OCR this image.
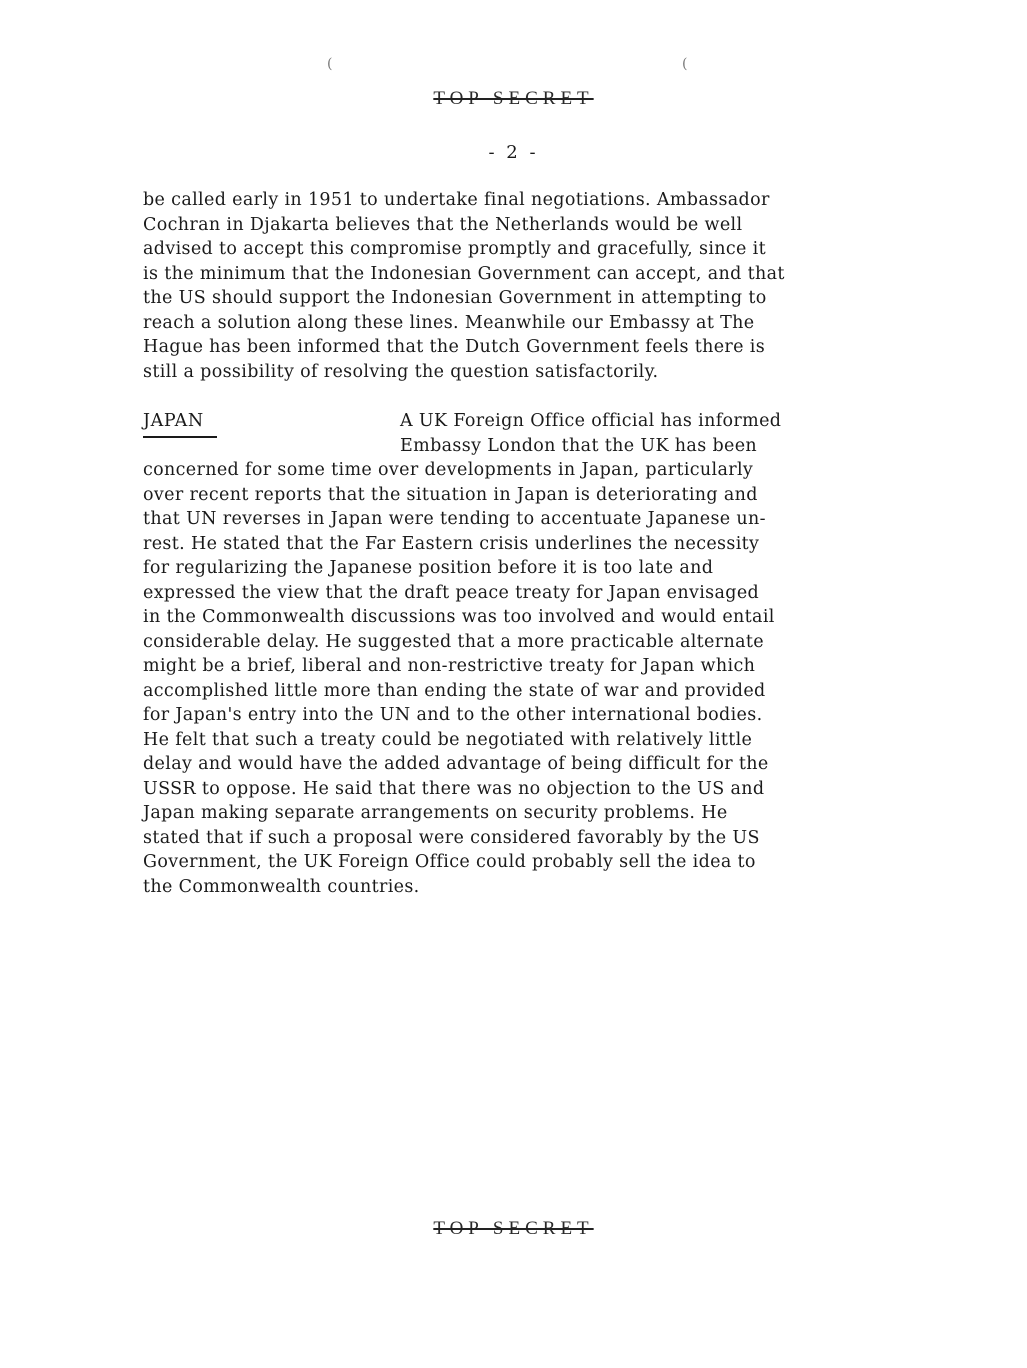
(	(
TOP SECRET
- 2 -
be called early in 1951 to undertake final negotiations. Ambassador
Cochran in Djakarta believes that the Netherlands would be well
advised to accept this compromise promptly and gracefully, since it
is the minimum that the Indonesian Government can accept, and that
the US should support the Indonesian Government in attempting to
reach a solution along these lines. Meanwhile our Embassy at The
Hague has been informed that the Dutch Government feels there is
still a possibility of resolving the question satisfactorily.
JAPAN	A UK Foreign Office official has informed
Embassy London that the UK has been
concerned for some time over developments in Japan, particularly
over recent reports that the situation in Japan is deteriorating and
that UN reverses in Japan were tending to accentuate Japanese un-
rest. He stated that the Far Eastern crisis underlines the necessity
for regularizing the Japanese position before it is too late and
expressed the view that the draft peace treaty for Japan envisaged
in the Commonwealth discussions was too involved and would entail
considerable delay. He suggested that a more practicable alternate
might be a brief, liberal and non-restrictive treaty for Japan which
accomplished little more than ending the state of war and provided
for Japan's entry into the UN and to the other international bodies.
He felt that such a treaty could be negotiated with relatively little
delay and would have the added advantage of being difficult for the
USSR to oppose. He said that there was no objection to the US and
Japan making separate arrangements on security problems. He
stated that if such a proposal were considered favorably by the US
Government, the UK Foreign Office could probably sell the idea to
the Commonwealth countries.
TOP SECRET
